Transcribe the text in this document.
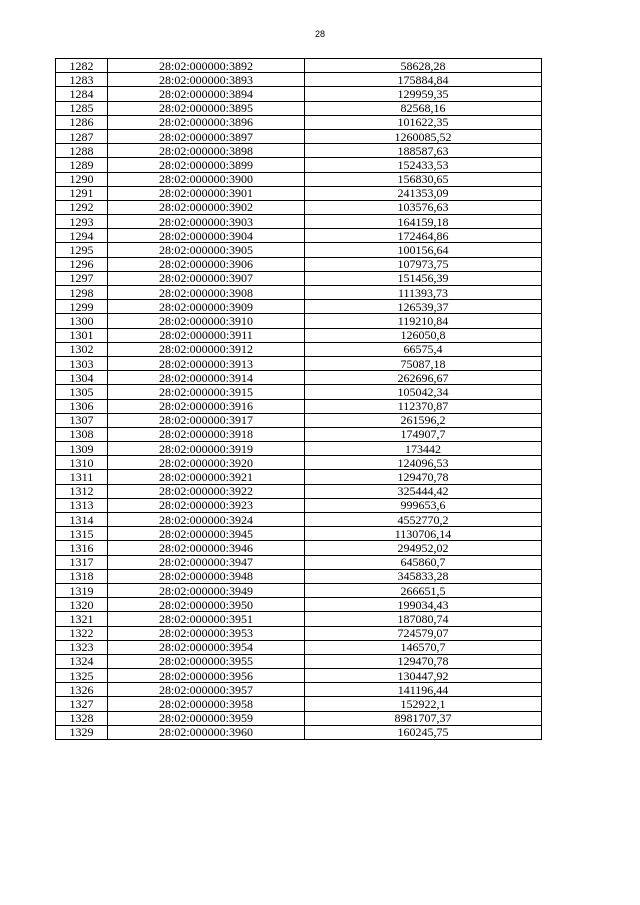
28
1282	28:02:000000:3892	58628,28
1283	28:02:000000:3893	175884,84
1284	28:02:000000:3894	129959,35
1285	28:02:000000:3895	82568,16
1286	28:02:000000:3896	101622,35
1287	28:02:000000:3897	1260085,52
1288	28:02:000000:3898	188587,63
1289	28:02:000000:3899	152433,53
1290	28:02:000000:3900	156830,65
1291	28:02:000000:3901	241353,09
1292	28:02:000000:3902	103576,63
1293	28:02:000000:3903	164159,18
1294	28:02:000000:3904	172464,86
1295	28:02:000000:3905	100156,64
1296	28:02:000000:3906	107973,75
1297	28:02:000000:3907	151456,39
1298	28:02:000000:3908	111393,73
1299	28:02:000000:3909	126539,37
1300	28:02:000000:3910	119210,84
1301	28:02:000000:3911	126050,8
1302	28:02:000000:3912	66575,4
1303	28:02:000000:3913	75087,18
1304	28:02:000000:3914	262696,67
1305	28:02:000000:3915	105042,34
1306	28:02:000000:3916	112370,87
1307	28:02:000000:3917	261596,2
1308	28:02:000000:3918	174907,7
1309	28:02:000000:3919	173442
1310	28:02:000000:3920	124096,53
1311	28:02:000000:3921	129470,78
1312	28:02:000000:3922	325444,42
1313	28:02:000000:3923	999653,6
1314	28:02:000000:3924	4552770,2
1315	28:02:000000:3945	1130706,14
1316	28:02:000000:3946	294952,02
1317	28:02:000000:3947	645860,7
1318	28:02:000000:3948	345833,28
1319	28:02:000000:3949	266651,5
1320	28:02:000000:3950	199034,43
1321	28:02:000000:3951	187080,74
1322	28:02:000000:3953	724579,07
1323	28:02:000000:3954	146570,7
1324	28:02:000000:3955	129470,78
1325	28:02:000000:3956	130447,92
1326	28:02:000000:3957	141196,44
1327	28:02:000000:3958	152922,1
1328	28:02:000000:3959	8981707,37
1329	28:02:000000:3960	160245,75
